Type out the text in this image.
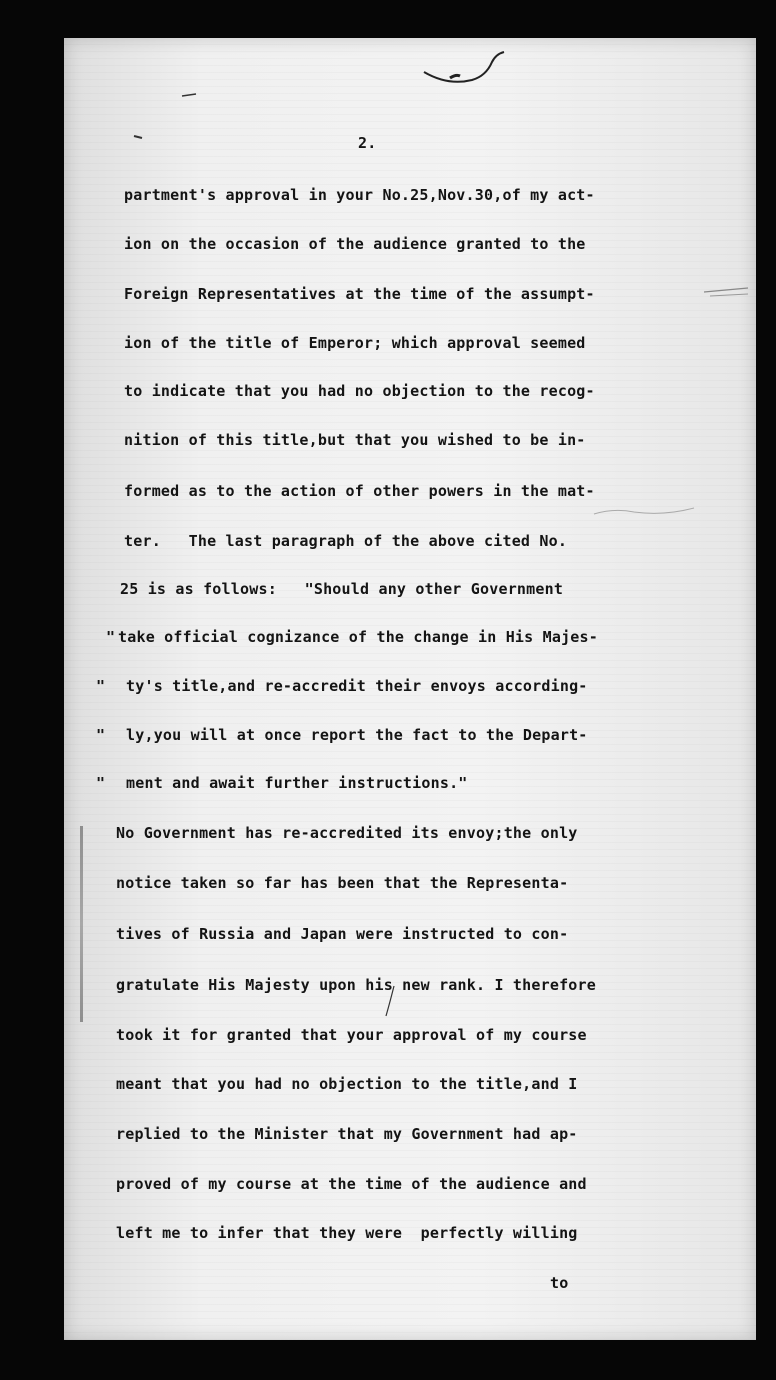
2.
partment's approval in your No.25,Nov.30,of my act-
ion on the occasion of the audience granted to the
Foreign Representatives at the time of the assumpt-
ion of the title of Emperor; which approval seemed
to indicate that you had no objection to the recog-
nition of this title,but that you wished to be in-
formed as to the action of other powers in the mat-
ter.   The last paragraph of the above cited No.
25 is as follows:   "Should any other Government
" take official cognizance of the change in His Majes-
" ty's title,and re-accredit their envoys according-
" ly,you will at once report the fact to the Depart-
" ment and await further instructions."
No Government has re-accredited its envoy;the only
notice taken so far has been that the Representa-
tives of Russia and Japan were instructed to con-
gratulate His Majesty upon his new rank. I therefore
took it for granted that your approval of my course
meant that you had no objection to the title,and I
replied to the Minister that my Government had ap-
proved of my course at the time of the audience and
left me to infer that they were  perfectly willing
to
